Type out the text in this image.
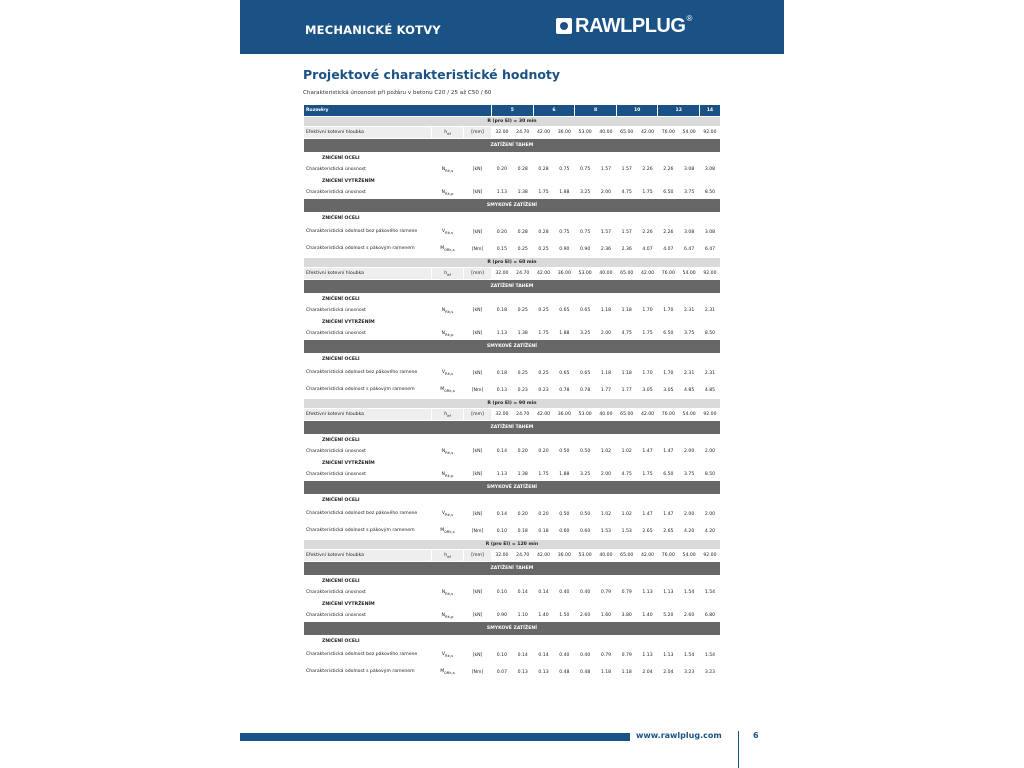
MECHANICKÉ KOTVY	RAWLPLUG ®
Projektové charakteristické hodnoty
Charakteristická únosnost při požáru v betonu C20 / 25 až C50 / 60
Rozměry			5		6		8		10		12		14
R (pro EI) = 30 min													
Efektivní kotevní hloubka	$h_{ef}$	[mm]	32.00	24.70	42.00	36.00	53.00	40.00	65.00	42.00	76.00	54.00	92.00
ZATÍŽENÍ TAHEM													
ZNIČENÍ OCELI													
Charakteristická únosnost	$N_{Rk,s}$	[kN]	0.20	0.28	0.28	0.75	0.75	1.57	1.57	2.26	2.26	3.08	3.08
ZNIČENÍ VYTRŽENÍM													
Charakteristická únosnost	$N_{Rk,p}$	[kN]	1.13	1.38	1.75	1.88	3.25	2.00	4.75	1.75	6.50	3.75	8.50
SMYKOVÉ ZATÍŽENÍ													
ZNIČENÍ OCELI													
Charakteristická odolnost bez pákového ramene	$V_{Rk,s}$	[kN]	0.20	0.28	0.28	0.75	0.75	1.57	1.57	2.26	2.26	3.08	3.08
Charakteristická odolnost s pákovým ramenem	$M_{0Rk,s}$	[Nm]	0.15	0.25	0.25	0.90	0.90	2.36	2.36	4.07	4.07	6.47	6.47
R (pro EI) = 60 min													
Efektivní kotevní hloubka	$h_{ef}$	[mm]	32.00	24.70	42.00	36.00	53.00	40.00	65.00	42.00	76.00	54.00	92.00
ZATÍŽENÍ TAHEM													
ZNIČENÍ OCELI													
Charakteristická únosnost	$N_{Rk,s}$	[kN]	0.18	0.25	0.25	0.65	0.65	1.18	1.18	1.70	1.70	2.31	2.31
ZNIČENÍ VYTRŽENÍM													
Charakteristická únosnost	$N_{Rk,p}$	[kN]	1.13	1.38	1.75	1.88	3.25	2.00	4.75	1.75	6.50	3.75	8.50
SMYKOVÉ ZATÍŽENÍ													
ZNIČENÍ OCELI													
Charakteristická odolnost bez pákového ramene	$V_{Rk,s}$	[kN]	0.18	0.25	0.25	0.65	0.65	1.18	1.18	1.70	1.70	2.31	2.31
Charakteristická odolnost s pákovým ramenem	$M_{0Rk,s}$	[Nm]	0.13	0.23	0.23	0.78	0.78	1.77	1.77	3.05	3.05	4.85	4.85
R (pro EI) = 90 min													
Efektivní kotevní hloubka	$h_{ef}$	[mm]	32.00	24.70	42.00	36.00	53.00	40.00	65.00	42.00	76.00	54.00	92.00
ZATÍŽENÍ TAHEM													
ZNIČENÍ OCELI													
Charakteristická únosnost	$N_{Rk,s}$	[kN]	0.14	0.20	0.20	0.50	0.50	1.02	1.02	1.47	1.47	2.00	2.00
ZNIČENÍ VYTRŽENÍM													
Charakteristická únosnost	$N_{Rk,p}$	[kN]	1.13	1.38	1.75	1.88	3.25	2.00	4.75	1.75	6.50	3.75	8.50
SMYKOVÉ ZATÍŽENÍ													
ZNIČENÍ OCELI													
Charakteristická odolnost bez pákového ramene	$V_{Rk,s}$	[kN]	0.14	0.20	0.20	0.50	0.50	1.02	1.02	1.47	1.47	2.00	2.00
Charakteristická odolnost s pákovým ramenem	$M_{0Rk,s}$	[Nm]	0.10	0.18	0.18	0.60	0.60	1.53	1.53	2.65	2.65	4.20	4.20
R (pro EI) = 120 min													
Efektivní kotevní hloubka	$h_{ef}$	[mm]	32.00	24.70	42.00	36.00	53.00	40.00	65.00	42.00	76.00	54.00	92.00
ZATÍŽENÍ TAHEM													
ZNIČENÍ OCELI													
Charakteristická únosnost	$N_{Rk,s}$	[kN]	0.10	0.14	0.14	0.40	0.40	0.79	0.79	1.13	1.13	1.54	1.54
ZNIČENÍ VYTRŽENÍM													
Charakteristická únosnost	$N_{Rk,p}$	[kN]	0.90	1.10	1.40	1.50	2.60	1.60	3.80	1.40	5.20	2.60	6.80
SMYKOVÉ ZATÍŽENÍ													
ZNIČENÍ OCELI													
Charakteristická odolnost bez pákového ramene	$V_{Rk,s}$	[kN]	0.10	0.14	0.14	0.40	0.40	0.79	0.79	1.13	1.13	1.54	1.54
Charakteristická odolnost s pákovým ramenem	$M_{0Rk,s}$	[Nm]	0.07	0.13	0.13	0.48	0.48	1.18	1.18	2.04	2.04	3.23	3.23
www.rawlplug.com	6
